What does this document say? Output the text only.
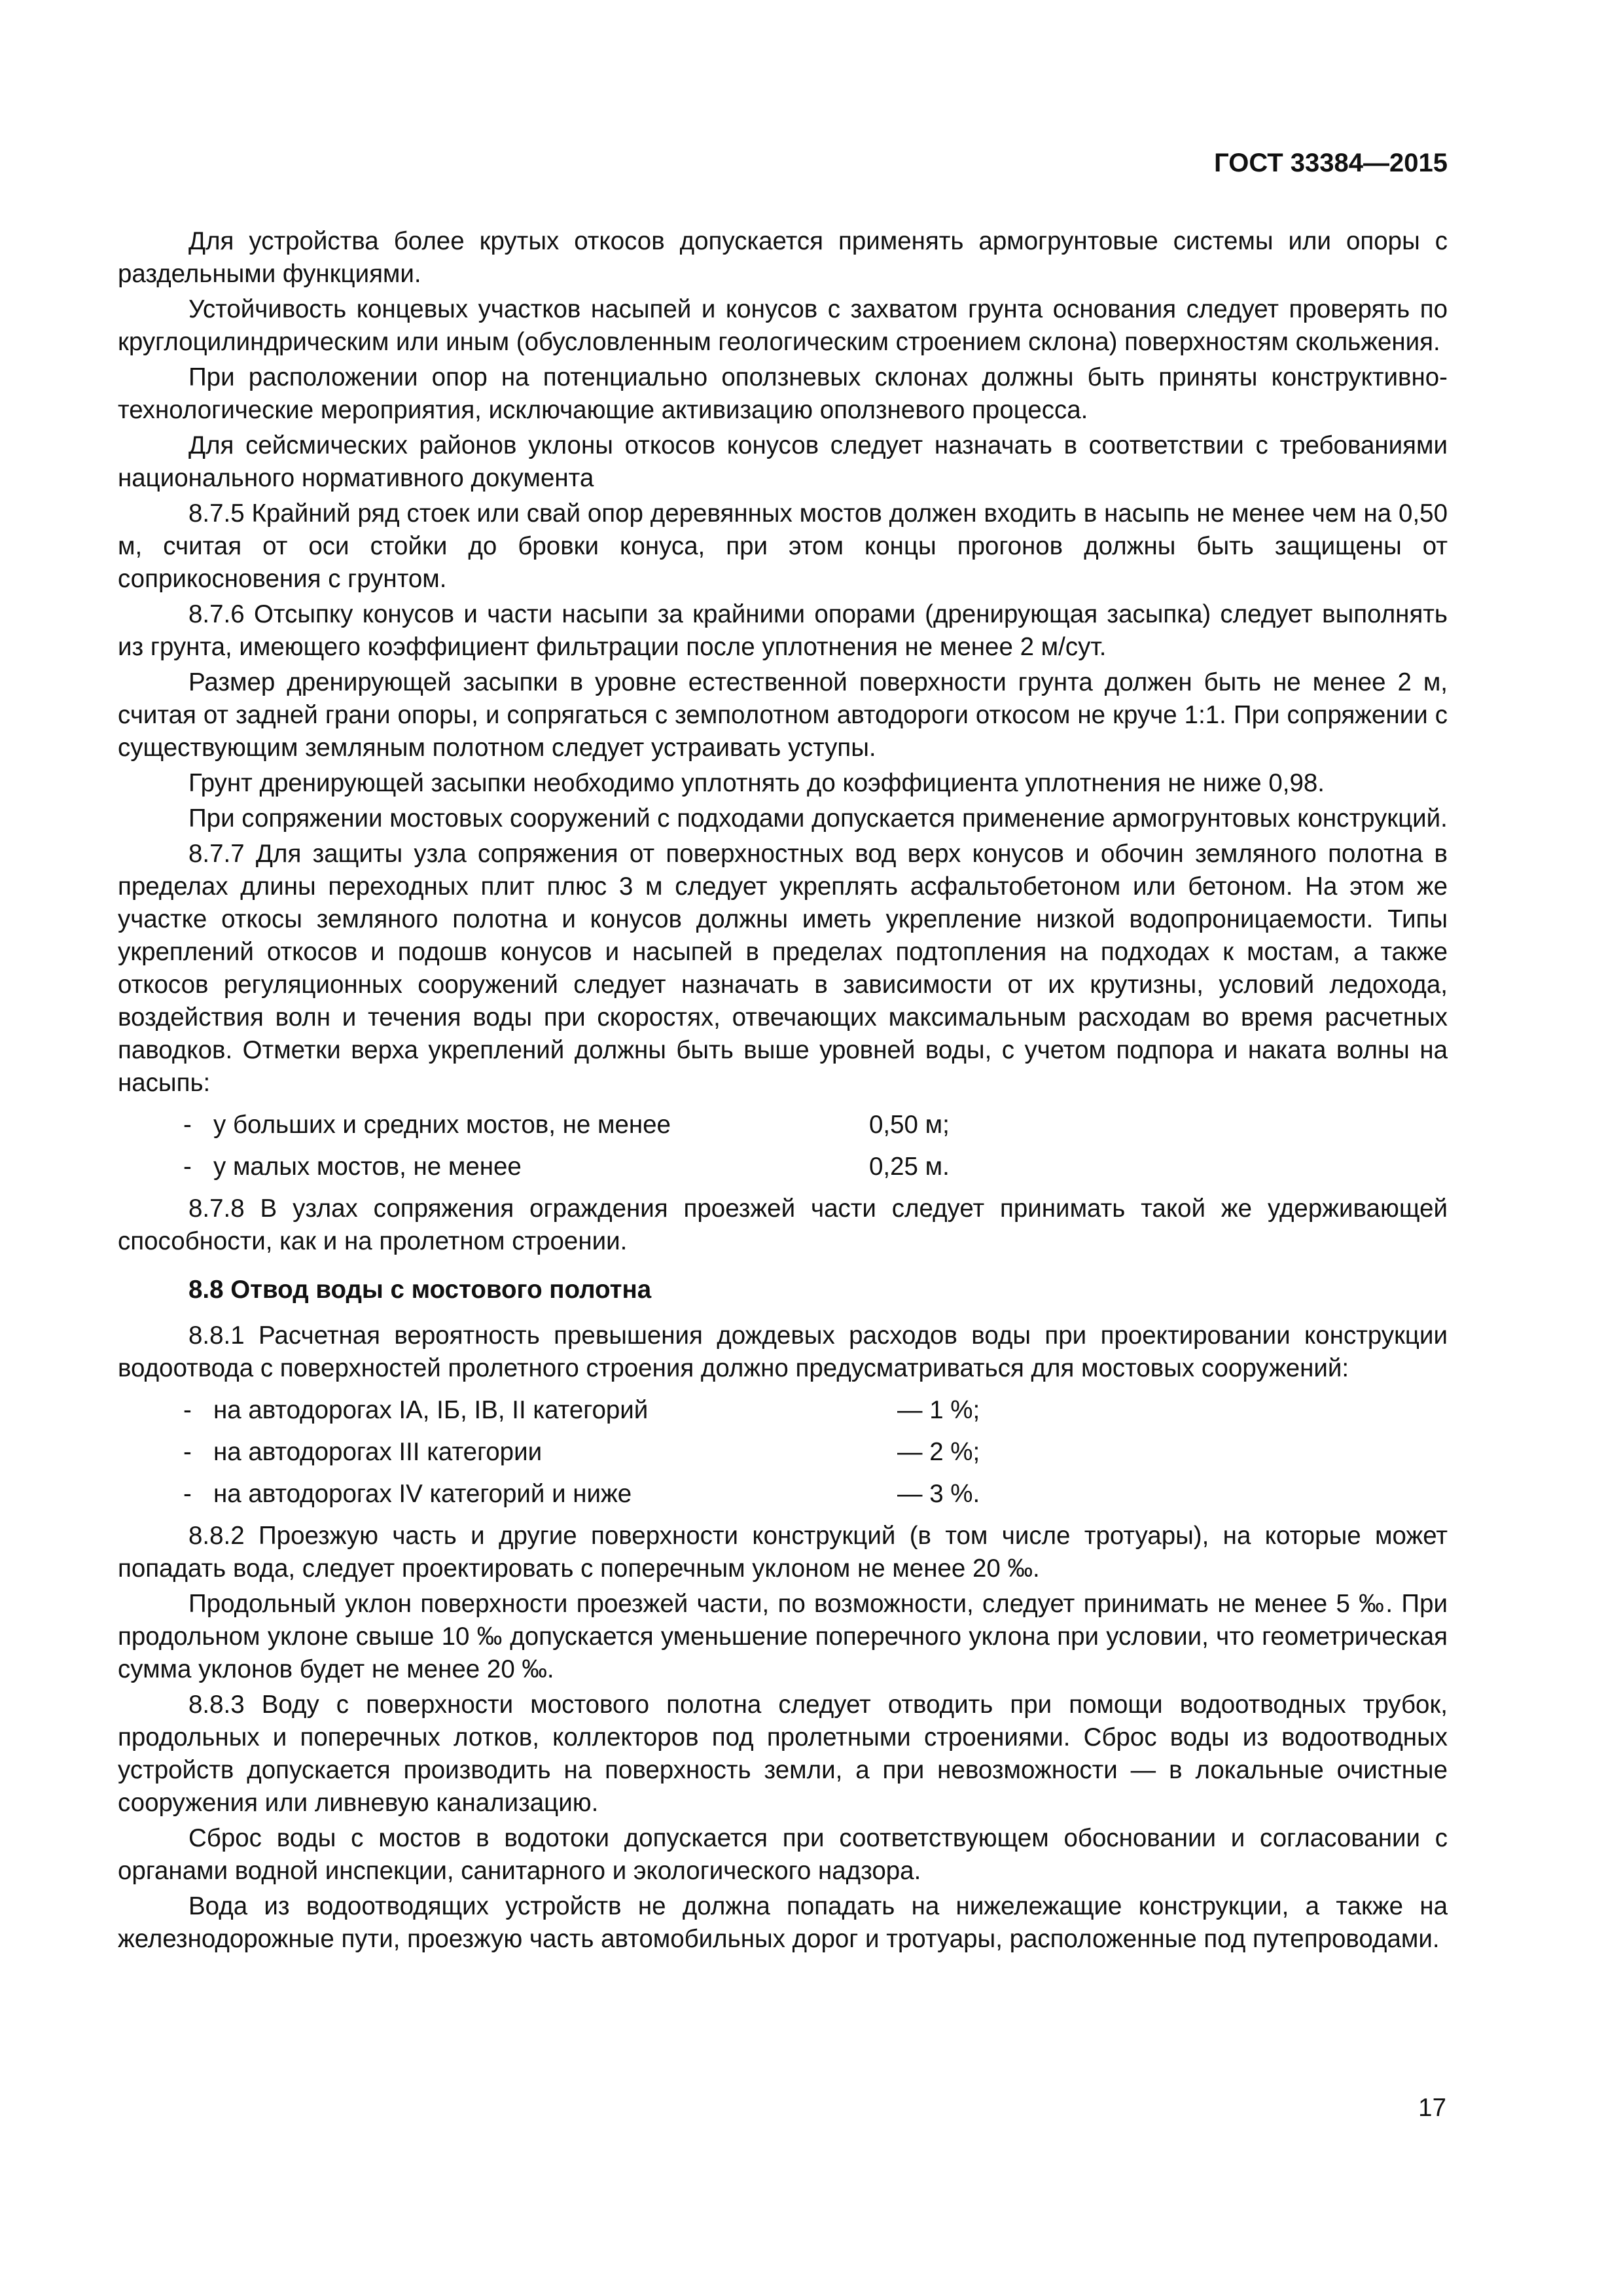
ГОСТ 33384—2015

Для устройства более крутых откосов допускается применять армогрунтовые системы или опоры с раздельными функциями.

Устойчивость концевых участков насыпей и конусов с захватом грунта основания следует проверять по круглоцилиндрическим или иным (обусловленным геологическим строением склона) поверхностям скольжения.

При расположении опор на потенциально оползневых склонах должны быть приняты конструктивно-технологические мероприятия, исключающие активизацию оползневого процесса.

Для сейсмических районов уклоны откосов конусов следует назначать в соответствии с требованиями национального нормативного документа

8.7.5 Крайний ряд стоек или свай опор деревянных мостов должен входить в насыпь не менее чем на 0,50 м, считая от оси стойки до бровки конуса, при этом концы прогонов должны быть защищены от соприкосновения с грунтом.

8.7.6 Отсыпку конусов и части насыпи за крайними опорами (дренирующая засыпка) следует выполнять из грунта, имеющего коэффициент фильтрации после уплотнения не менее 2 м/сут.

Размер дренирующей засыпки в уровне естественной поверхности грунта должен быть не менее 2 м, считая от задней грани опоры, и сопрягаться с земполотном автодороги откосом не круче 1:1. При сопряжении с существующим земляным полотном следует устраивать уступы.

Грунт дренирующей засыпки необходимо уплотнять до коэффициента уплотнения не ниже 0,98.

При сопряжении мостовых сооружений с подходами допускается применение армогрунтовых конструкций.

8.7.7 Для защиты узла сопряжения от поверхностных вод верх конусов и обочин земляного полотна в пределах длины переходных плит плюс 3 м следует укреплять асфальтобетоном или бетоном. На этом же участке откосы земляного полотна и конусов должны иметь укрепление низкой водопроницаемости. Типы укреплений откосов и подошв конусов и насыпей в пределах подтопления на подходах к мостам, а также откосов регуляционных сооружений следует назначать в зависимости от их крутизны, условий ледохода, воздействия волн и течения воды при скоростях, отвечающих максимальным расходам во время расчетных паводков. Отметки верха укреплений должны быть выше уровней воды, с учетом подпора и наката волны на насыпь:

- у больших и средних мостов, не менее	0,50 м;
- у малых мостов, не менее	0,25 м.

8.7.8 В узлах сопряжения ограждения проезжей части следует принимать такой же удерживающей способности, как и на пролетном строении.

8.8 Отвод воды с мостового полотна

8.8.1 Расчетная вероятность превышения дождевых расходов воды при проектировании конструкции водоотвода с поверхностей пролетного строения должно предусматриваться для мостовых сооружений:

- на автодорогах IA, IБ, IB, II категорий	— 1 %;
- на автодорогах III категории	— 2 %;
- на автодорогах IV категорий и ниже	— 3 %.

8.8.2 Проезжую часть и другие поверхности конструкций (в том числе тротуары), на которые может попадать вода, следует проектировать с поперечным уклоном не менее 20 ‰.

Продольный уклон поверхности проезжей части, по возможности, следует принимать не менее 5 ‰. При продольном уклоне свыше 10 ‰ допускается уменьшение поперечного уклона при условии, что геометрическая сумма уклонов будет не менее 20 ‰.

8.8.3 Воду с поверхности мостового полотна следует отводить при помощи водоотводных трубок, продольных и поперечных лотков, коллекторов под пролетными строениями. Сброс воды из водоотводных устройств допускается производить на поверхность земли, а при невозможности — в локальные очистные сооружения или ливневую канализацию.

Сброс воды с мостов в водотоки допускается при соответствующем обосновании и согласовании с органами водной инспекции, санитарного и экологического надзора.

Вода из водоотводящих устройств не должна попадать на нижележащие конструкции, а также на железнодорожные пути, проезжую часть автомобильных дорог и тротуары, расположенные под путепроводами.

17
